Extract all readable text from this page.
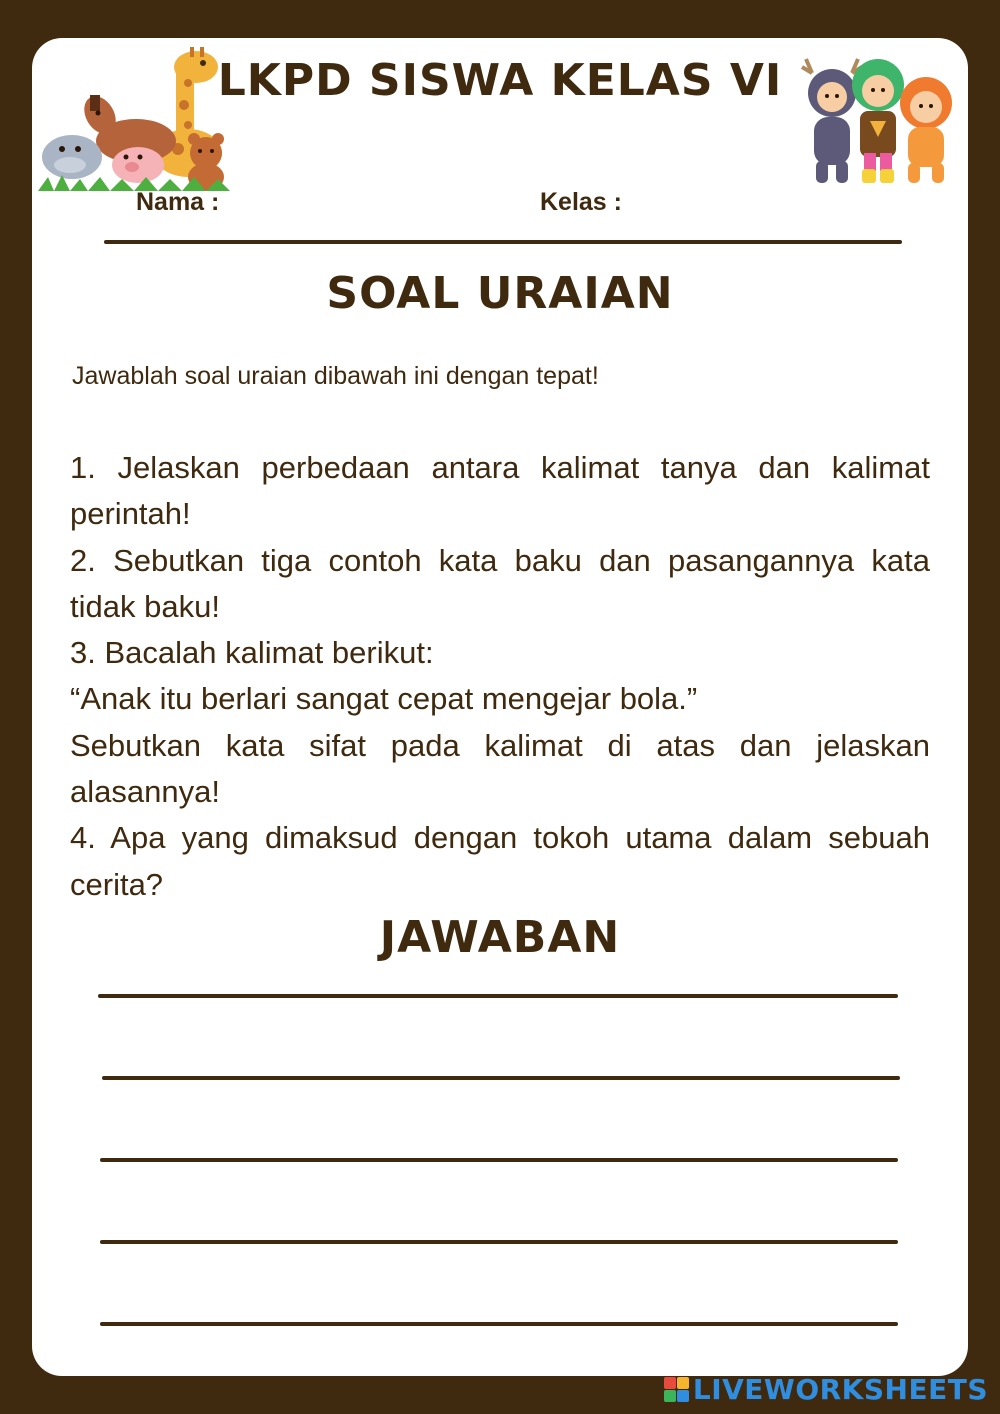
LKPD SISWA KELAS VI
Nama :	Kelas :
SOAL URAIAN
Jawablah soal uraian dibawah ini dengan tepat!

1. Jelaskan perbedaan antara kalimat tanya dan kalimat perintah!

2. Sebutkan tiga contoh kata baku dan pasangannya kata tidak baku!

3. Bacalah kalimat berikut:

“Anak itu berlari sangat cepat mengejar bola.”

Sebutkan kata sifat pada kalimat di atas dan jelaskan alasannya!

4. Apa yang dimaksud dengan tokoh utama dalam sebuah cerita?

JAWABAN
LIVEWORKSHEETS
